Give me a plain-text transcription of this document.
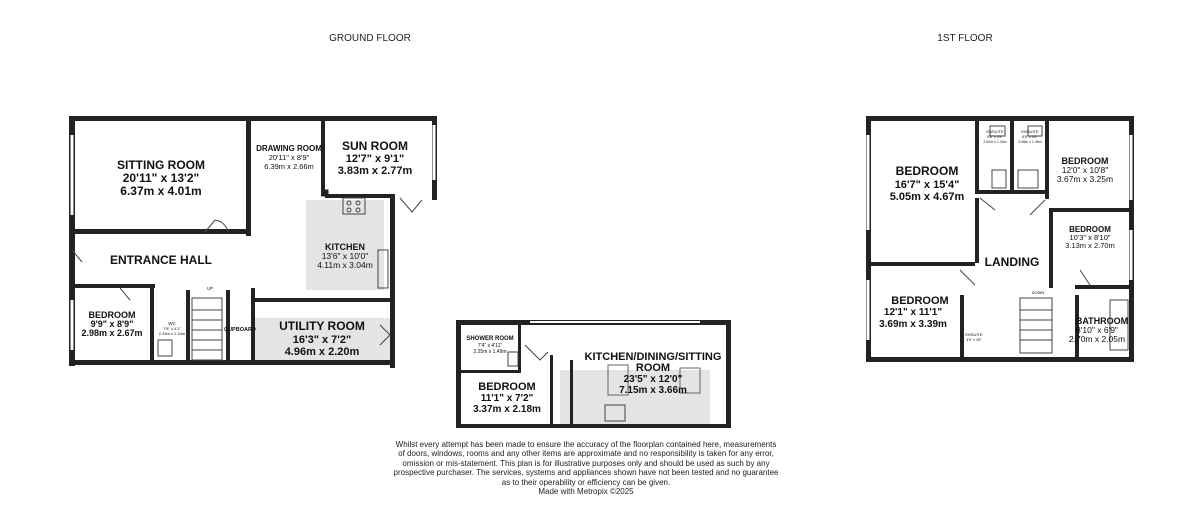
GROUND FLOOR	1ST FLOOR
SITTING ROOM
20'11" x 13'2"
6.37m x 4.01m
ENTRANCE HALL
DRAWING ROOM
20'11" x 8'9"
6.39m x 2.66m
SUN ROOM
12'7" x 9'1"
3.83m x 2.77m
KITCHEN
13'6" x 10'0"
4.11m x 3.04m
BEDROOM
9'9" x 8'9"
2.98m x 2.67m
WC
7'8" x 4'1"
2.33m x 1.24m
UP
CUPBOARD UTILITY ROOM
16'3" x 7'2"
4.96m x 2.20m
SHOWER ROOM
7'4" x 4'11"
2.25m x 1.49m
BEDROOM
11'1" x 7'2"
3.37m x 2.18m
KITCHEN/DINING/SITTING
ROOM
23'5" x 12'0"
7.15m x 3.66m
BEDROOM
16'7" x 15'4"
5.05m x 4.67m
BEDROOM
12'0" x 10'8"
3.67m x 3.25m
BEDROOM
10'3" x 8'10"
3.13m x 2.70m
LANDING
BEDROOM
12'1" x 11'1"
3.69m x 3.39m	BATHROOM
8'10" x 6'9"
2.70m x 2.05m
ENSUITE
8'8" x 4'9"
2.62m x 1.44m
ENSUITE
8'8" x 4'6"
2.65m x 1.36m
ENSUITE
4'9" x 4'6"
DOWN
Whilst every attempt has been made to ensure the accuracy of the floorplan contained here, measurements
of doors, windows, rooms and any other items are approximate and no responsibility is taken for any error,
omission or mis-statement. This plan is for illustrative purposes only and should be used as such by any
prospective purchaser. The services, systems and appliances shown have not been tested and no guarantee
as to their operability or efficiency can be given.
Made with Metropix ©2025
